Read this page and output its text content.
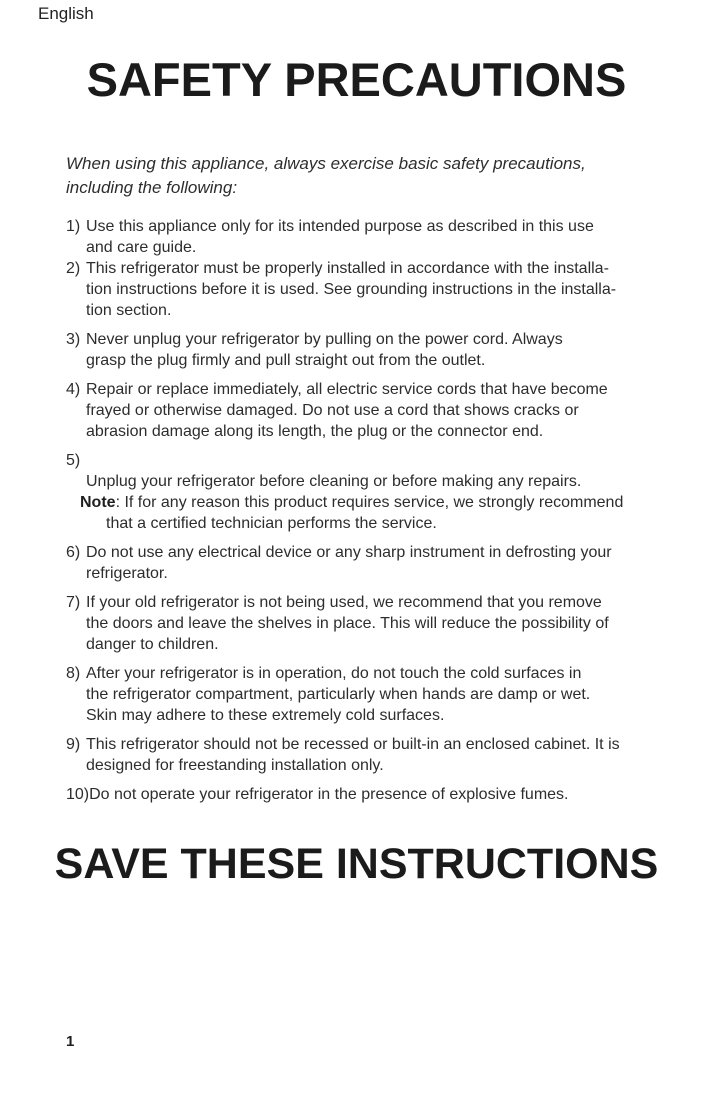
English
SAFETY PRECAUTIONS

When using this appliance, always exercise basic safety precautions,
including the following:

1) Use this appliance only for its intended purpose as described in this use
and care guide.
2) This refrigerator must be properly installed in accordance with the installa-
tion instructions before it is used. See grounding instructions in the installa-
tion section.
3) Never unplug your refrigerator by pulling on the power cord. Always
grasp the plug firmly and pull straight out from the outlet.
4) Repair or replace immediately, all electric service cords that have become
frayed or otherwise damaged. Do not use a cord that shows cracks or
abrasion damage along its length, the plug or the connector end.
5)

Unplug your refrigerator before cleaning or before making any repairs.
Note: If for any reason this product requires service, we strongly recommend
that a certified technician performs the service.

6) Do not use any electrical device or any sharp instrument in defrosting your
refrigerator.
7) If your old refrigerator is not being used, we recommend that you remove
the doors and leave the shelves in place. This will reduce the possibility of
danger to children.
8) After your refrigerator is in operation, do not touch the cold surfaces in
the refrigerator compartment, particularly when hands are damp or wet.
Skin may adhere to these extremely cold surfaces.
9) This refrigerator should not be recessed or built-in an enclosed cabinet. It is
designed for freestanding installation only.
10) Do not operate your refrigerator in the presence of explosive fumes.
SAVE THESE INSTRUCTIONS
1
